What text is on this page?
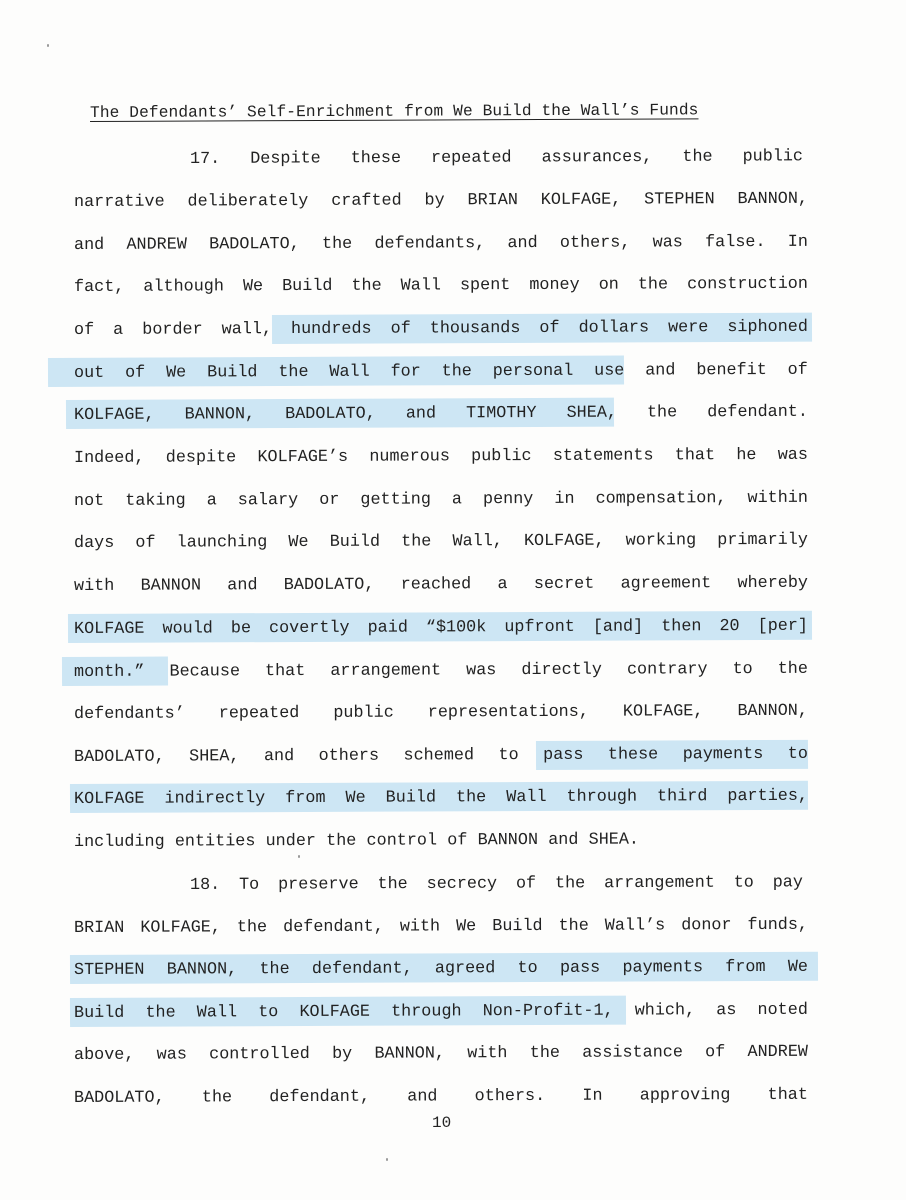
The Defendants’ Self-Enrichment from We Build the Wall’s Funds
17. Despite these repeated assurances, the public
narrative deliberately crafted by BRIAN KOLFAGE, STEPHEN BANNON,
and ANDREW BADOLATO, the defendants, and others, was false. In
fact, although We Build the Wall spent money on the construction
of a border wall, hundreds of thousands of dollars were siphoned
out of We Build the Wall for the personal use and benefit of
KOLFAGE, BANNON, BADOLATO, and TIMOTHY SHEA, the defendant.
Indeed, despite KOLFAGE’s numerous public statements that he was
not taking a salary or getting a penny in compensation, within
days of launching We Build the Wall, KOLFAGE, working primarily
with BANNON and BADOLATO, reached a secret agreement whereby
KOLFAGE would be covertly paid “$100k upfront [and] then 20 [per]
month.” Because that arrangement was directly contrary to the
defendants’ repeated public representations, KOLFAGE, BANNON,
BADOLATO, SHEA, and others schemed to pass these payments to
KOLFAGE indirectly from We Build the Wall through third parties,
including entities under the control of BANNON and SHEA.
18. To preserve the secrecy of the arrangement to pay
BRIAN KOLFAGE, the defendant, with We Build the Wall’s donor funds,
STEPHEN BANNON, the defendant, agreed to pass payments from We
Build the Wall to KOLFAGE through Non-Profit-1, which, as noted
above, was controlled by BANNON, with the assistance of ANDREW
BADOLATO, the defendant, and others. In approving that
10
